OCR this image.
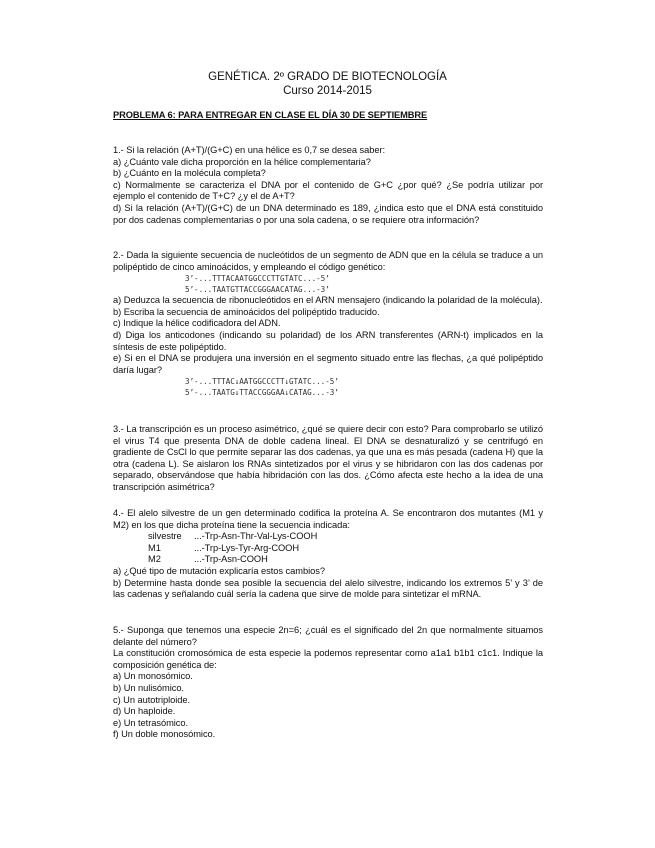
GENÉTICA. 2º GRADO DE BIOTECNOLOGÍA
Curso 2014-2015
PROBLEMA 6: PARA ENTREGAR EN CLASE EL DÍA 30 DE SEPTIEMBRE

1.- Si la relación (A+T)/(G+C) en una hélice es 0,7 se desea saber:

a) ¿Cuánto vale dicha proporción en la hélice complementaria?

b) ¿Cuánto en la molécula completa?

c) Normalmente se caracteriza el DNA por el contenido de G+C ¿por qué? ¿Se podría utilizar por ejemplo el contenido de T+C? ¿y el de A+T?

d) Si la relación (A+T)/(G+C) de un DNA determinado es 189, ¿indica esto que el DNA está constituido por dos cadenas complementarias o por una sola cadena, o se requiere otra información?

2.- Dada la siguiente secuencia de nucleótidos de un segmento de ADN que en la célula se traduce a un polipéptido de cinco aminoácidos, y empleando el código genético:

3’-...TTTACAATGGCCCTTGTATC...-5’

5’-...TAATGTTACCGGGAACATAG...-3’

a) Deduzca la secuencia de ribonucleótidos en el ARN mensajero (indicando la polaridad de la molécula).

b) Escriba la secuencia de aminoácidos del polipéptido traducido.

c) Indique la hélice codificadora del ADN.

d) Diga los anticodones (indicando su polaridad) de los ARN transferentes (ARN-t) implicados en la síntesis de este polipéptido.

e) Si en el DNA se produjera una inversión en el segmento situado entre las flechas, ¿a qué polipéptido daría lugar?

3’-...TTTAC↓AATGGCCCTT↓GTATC...-5’

5’-...TAATG↓TTACCGGGAA↓CATAG...-3’

3.- La transcripción es un proceso asimétrico, ¿qué se quiere decir con esto? Para comprobarlo se utilizó el virus T4 que presenta DNA de doble cadena lineal. El DNA se desnaturalizó y se centrifugó en gradiente de CsCl lo que permite separar las dos cadenas, ya que una es más pesada (cadena H) que la otra (cadena L). Se aislaron los RNAs sintetizados por el virus y se hibridaron con las dos cadenas por separado, observándose que había hibridación con las dos. ¿Cómo afecta este hecho a la idea de una transcripción asimétrica?

4.- El alelo silvestre de un gen determinado codifica la proteína A. Se encontraron dos mutantes (M1 y M2) en los que dicha proteína tiene la secuencia indicada:

silvestre	...-Trp-Asn-Thr-Val-Lys-COOH
M1	...-Trp-Lys-Tyr-Arg-COOH
M2	...-Trp-Asn-COOH

a) ¿Qué tipo de mutación explicaría estos cambios?

b) Determine hasta donde sea posible la secuencia del alelo silvestre, indicando los extremos 5’ y 3’ de las cadenas y señalando cuál sería la cadena que sirve de molde para sintetizar el mRNA.

5.- Suponga que tenemos una especie 2n=6; ¿cuál es el significado del 2n que normalmente situamos delante del número?

La constitución cromosómica de esta especie la podemos representar como a1a1 b1b1 c1c1. Indique la composición genética de:

a) Un monosómico.

b) Un nulisómico.

c) Un autotriploide.

d) Un haploide.

e) Un tetrasómico.

f) Un doble monosómico.
